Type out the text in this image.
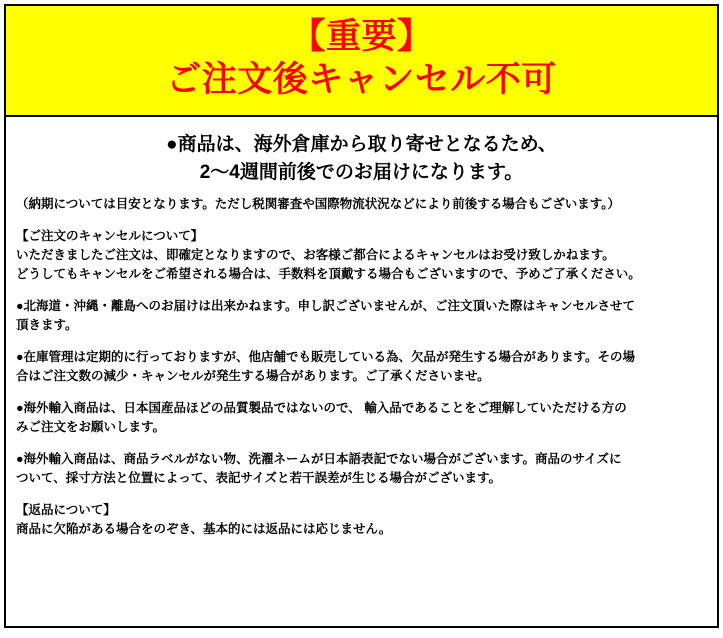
【重要】
ご注文後キャンセル不可
●商品は、海外倉庫から取り寄せとなるため、
2～4週間前後でのお届けになります。
（納期については目安となります。ただし税関審査や国際物流状況などにより前後する場合もございます。）
【ご注文のキャンセルについて】

いただきましたご注文は、即確定となりますので、お客様ご都合によるキャンセルはお受け致しかねます。

どうしてもキャンセルをご希望される場合は、手数料を頂戴する場合もございますので、予めご了承ください。

●北海道・沖縄・離島へのお届けは出来かねます。申し訳ございませんが、ご注文頂いた際はキャンセルさせて

頂きます。

●在庫管理は定期的に行っておりますが、他店舗でも販売している為、欠品が発生する場合があります。その場

合はご注文数の減少・キャンセルが発生する場合があります。ご了承くださいませ。

●海外輸入商品は、日本国産品ほどの品質製品ではないので、 輸入品であることをご理解していただける方の

みご注文をお願いします。

●海外輸入商品は、商品ラベルがない物、洗濯ネームが日本語表記でない場合がございます。商品のサイズに

ついて、採寸方法と位置によって、表記サイズと若干誤差が生じる場合がございます。

【返品について】

商品に欠陥がある場合をのぞき、基本的には返品には応じません。
